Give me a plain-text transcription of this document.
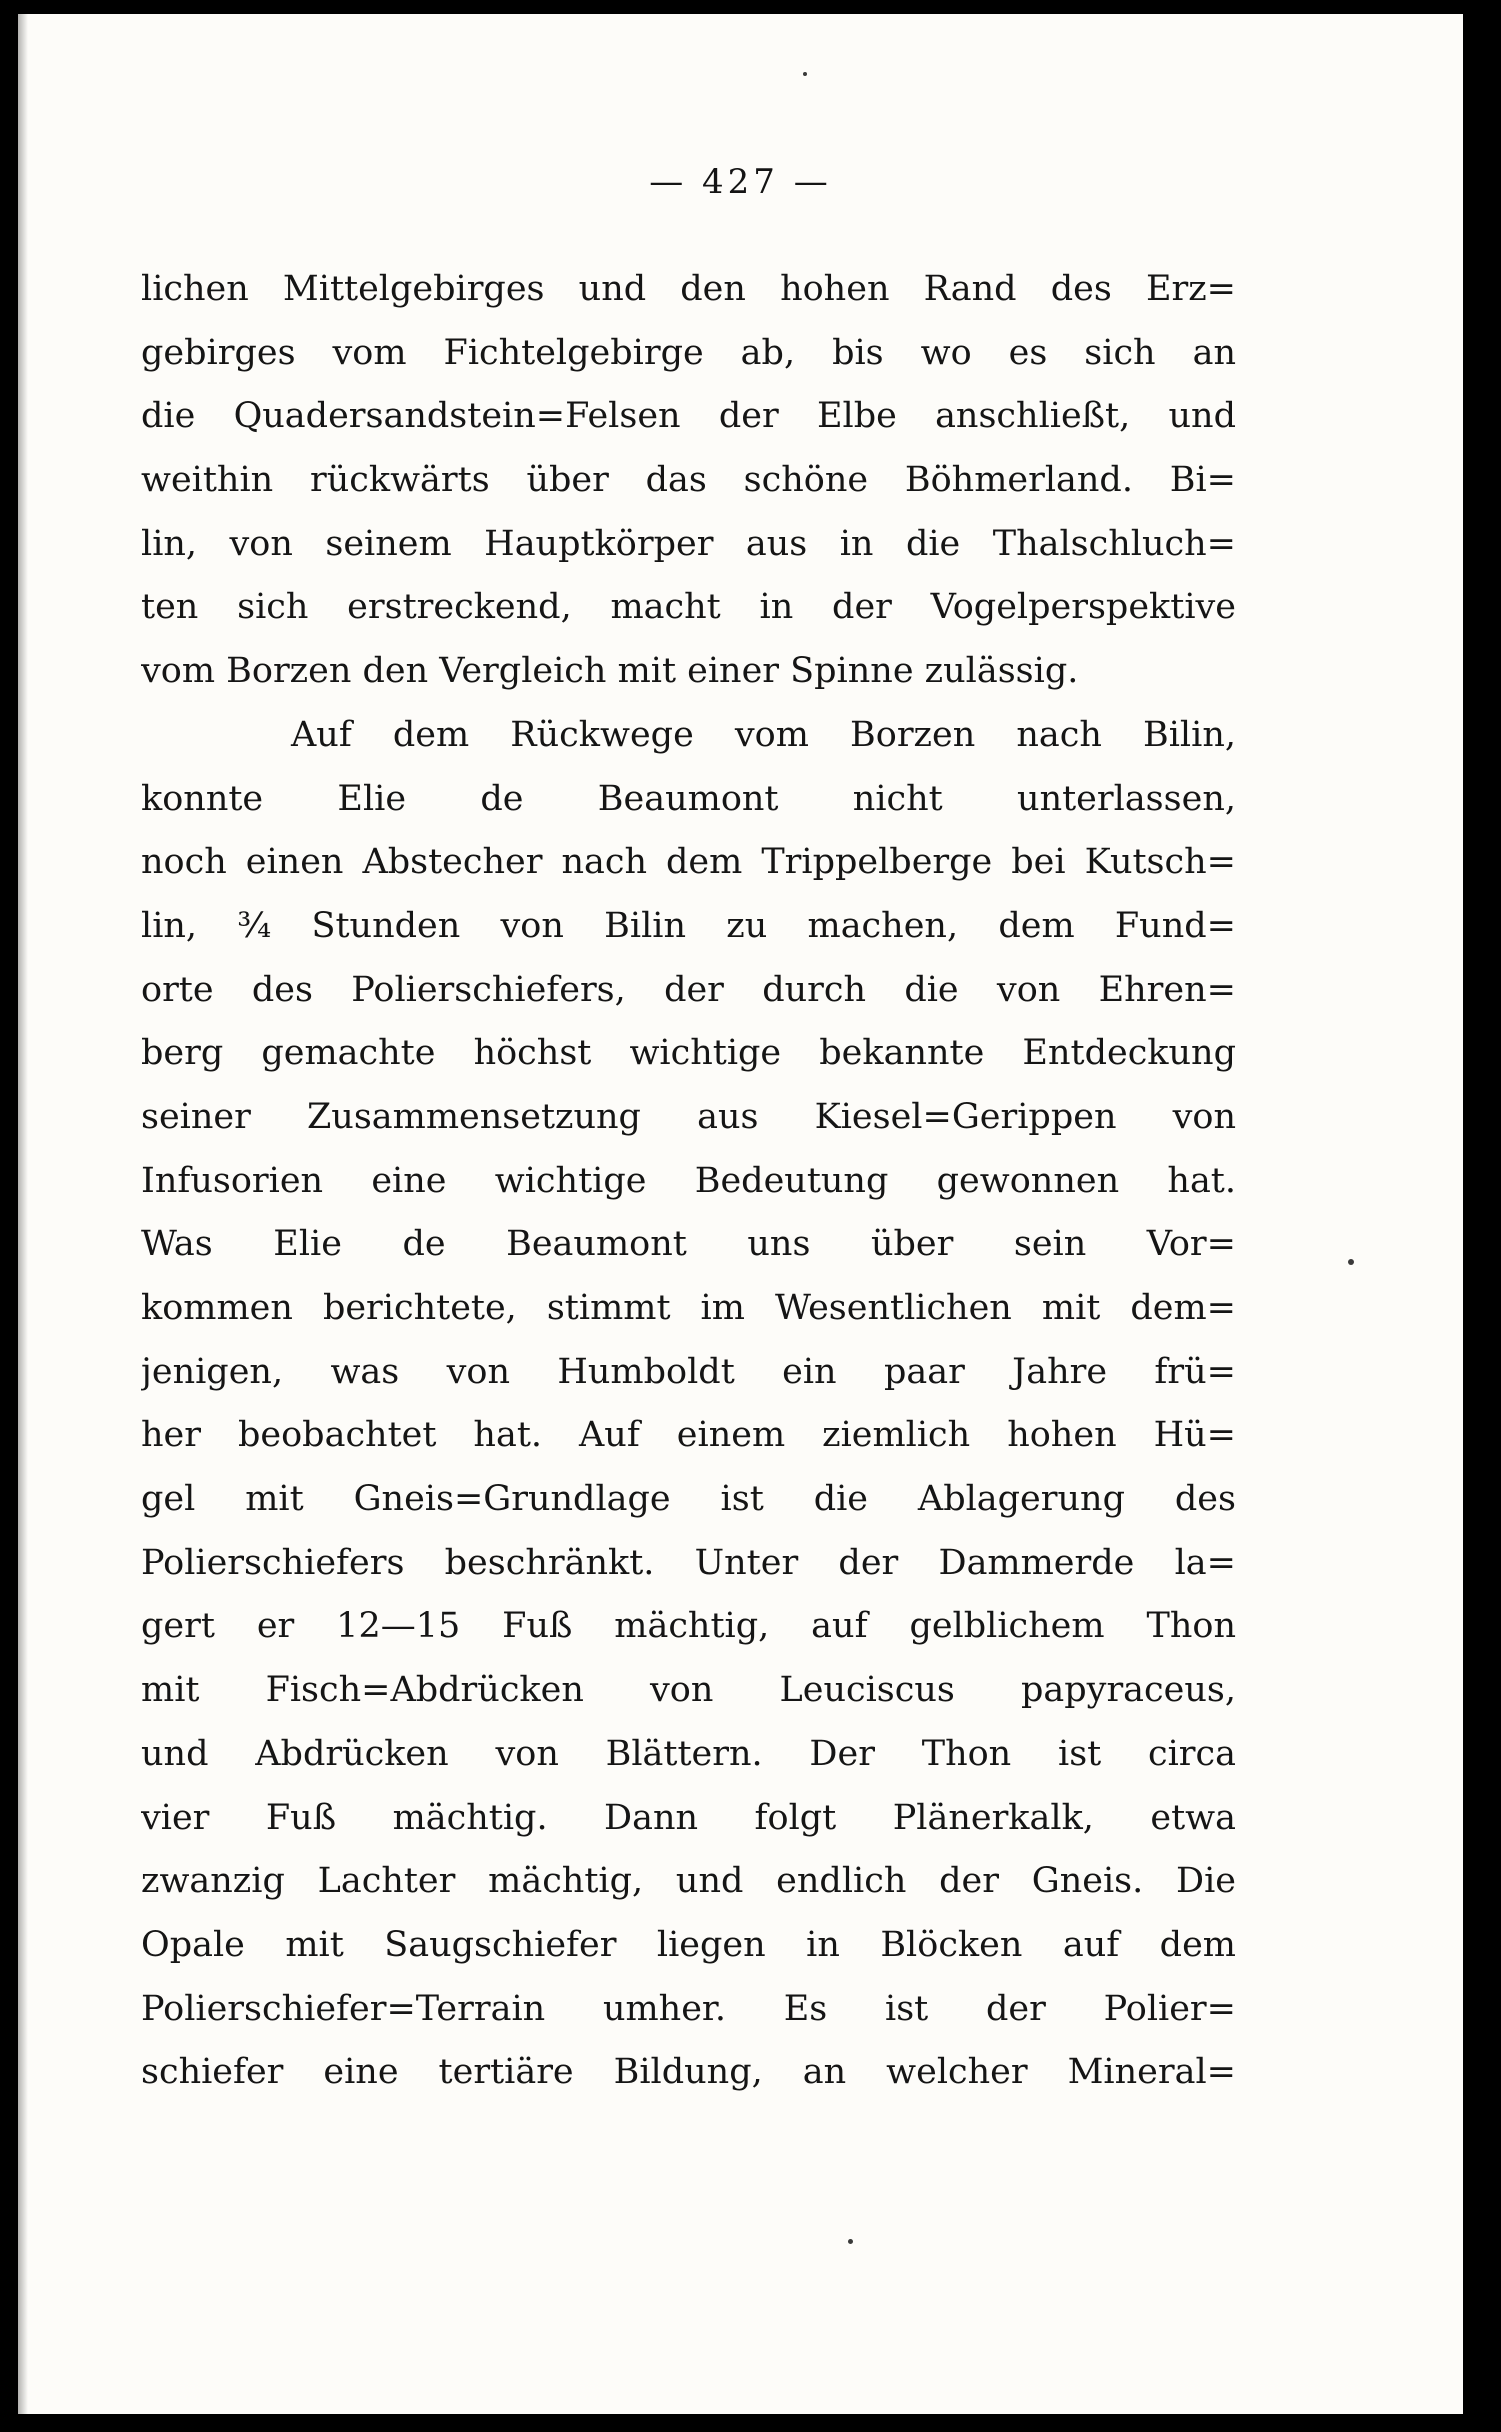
— 427 —
lichen Mittelgebirges und den hohen Rand des Erz=
gebirges vom Fichtelgebirge ab, bis wo es sich an
die Quadersandstein=Felsen der Elbe anschließt, und
weithin rückwärts über das schöne Böhmerland. Bi=
lin, von seinem Hauptkörper aus in die Thalschluch=
ten sich erstreckend, macht in der Vogelperspektive
vom Borzen den Vergleich mit einer Spinne zulässig.
Auf dem Rückwege vom Borzen nach Bilin,
konnte Elie de Beaumont nicht unterlassen,
noch einen Abstecher nach dem Trippelberge bei Kutsch=
lin, ¾ Stunden von Bilin zu machen, dem Fund=
orte des Polierschiefers, der durch die von Ehren=
berg gemachte höchst wichtige bekannte Entdeckung
seiner Zusammensetzung aus Kiesel=Gerippen von
Infusorien eine wichtige Bedeutung gewonnen hat.
Was Elie de Beaumont uns über sein Vor=
kommen berichtete, stimmt im Wesentlichen mit dem=
jenigen, was von Humboldt ein paar Jahre frü=
her beobachtet hat. Auf einem ziemlich hohen Hü=
gel mit Gneis=Grundlage ist die Ablagerung des
Polierschiefers beschränkt. Unter der Dammerde la=
gert er 12—15 Fuß mächtig, auf gelblichem Thon
mit Fisch=Abdrücken von Leuciscus papyraceus,
und Abdrücken von Blättern. Der Thon ist circa
vier Fuß mächtig. Dann folgt Plänerkalk, etwa
zwanzig Lachter mächtig, und endlich der Gneis. Die
Opale mit Saugschiefer liegen in Blöcken auf dem
Polierschiefer=Terrain umher. Es ist der Polier=
schiefer eine tertiäre Bildung, an welcher Mineral=
